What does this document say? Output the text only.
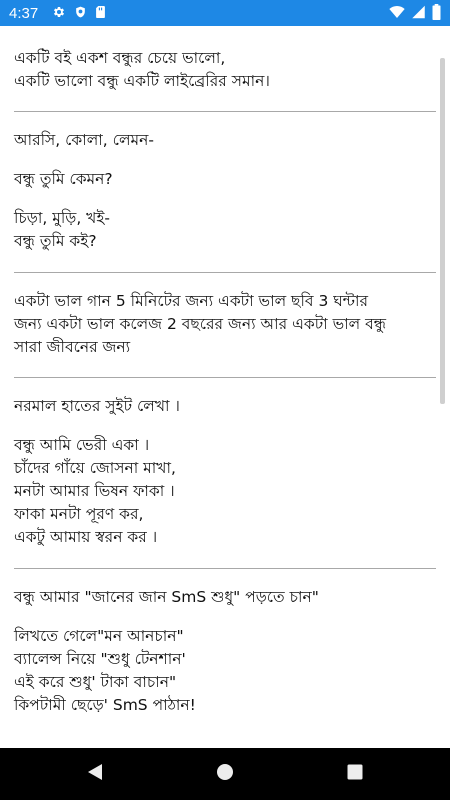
4:37

একটি বই একশ বন্ধুর চেয়ে ভালো,

একটি ভালো বন্ধু একটি লাইব্রেরির সমান।

আরসি, কোলা, লেমন-

বন্ধু তুমি কেমন?

চিড়া, মুড়ি, খই-

বন্ধু তুমি কই?

একটা ভাল গান 5 মিনিটের জন্য একটা ভাল ছবি 3 ঘন্টার

জন্য একটা ভাল কলেজ 2 বছরের জন্য আর একটা ভাল বন্ধু

সারা জীবনের জন্য

নরমাল হাতের সুইট লেখা ।

বন্ধু আমি ভেরী একা ।

চাঁদের গাঁয়ে জোসনা মাখা,

মনটা আমার ভিষন ফাকা ।

ফাকা মনটা পূরণ কর,

একটু আমায় স্বরন কর ।

বন্ধু আমার "জানের জান SmS শুধু" পড়তে চান"

লিখতে গেলে"মন আনচান"

ব্যালেন্স নিয়ে "শুধু টেনশান'

এই করে শুধু' টাকা বাচান"

কিপটামী ছেড়ে' SmS পাঠান!
